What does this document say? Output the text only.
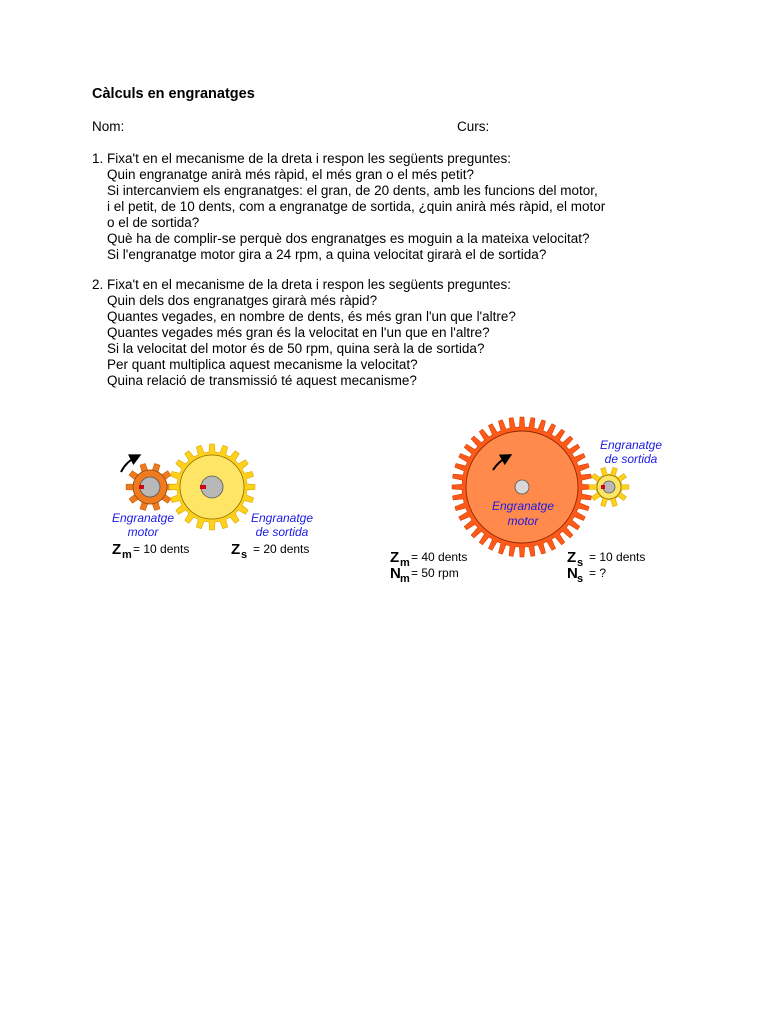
Càlculs en engranatges
Nom:	Curs:
1. Fixa't en el mecanisme de la dreta i respon les següents preguntes:
Quin engranatge anirà més ràpid, el més gran o el més petit?
Si intercanviem els engranatges: el gran, de 20 dents, amb les funcions del motor,
i el petit, de 10 dents, com a engranatge de sortida, ¿quin anirà més ràpid, el motor
o el de sortida?
Què ha de complir-se perquè dos engranatges es moguin a la mateixa velocitat?
Si l'engranatge motor gira a 24 rpm, a quina velocitat girarà el de sortida?
2. Fixa't en el mecanisme de la dreta i respon les següents preguntes:
Quin dels dos engranatges girarà més ràpid?
Quantes vegades, en nombre de dents, és més gran l'un que l'altre?
Quantes vegades més gran és la velocitat en l'un que en l'altre?
Si la velocitat del motor és de 50 rpm, quina serà la de sortida?
Per quant multiplica aquest mecanisme la velocitat?
Quina relació de transmissió té aquest mecanisme?
Engranatge
motor
Engranatge
de sortida
Z m = 10 dents	Z s = 20 dents
Engranatge
motor
Engranatge
de sortida
Z m = 40 dents
N m = 50 rpm
Z s = 10 dents
N s = ?
